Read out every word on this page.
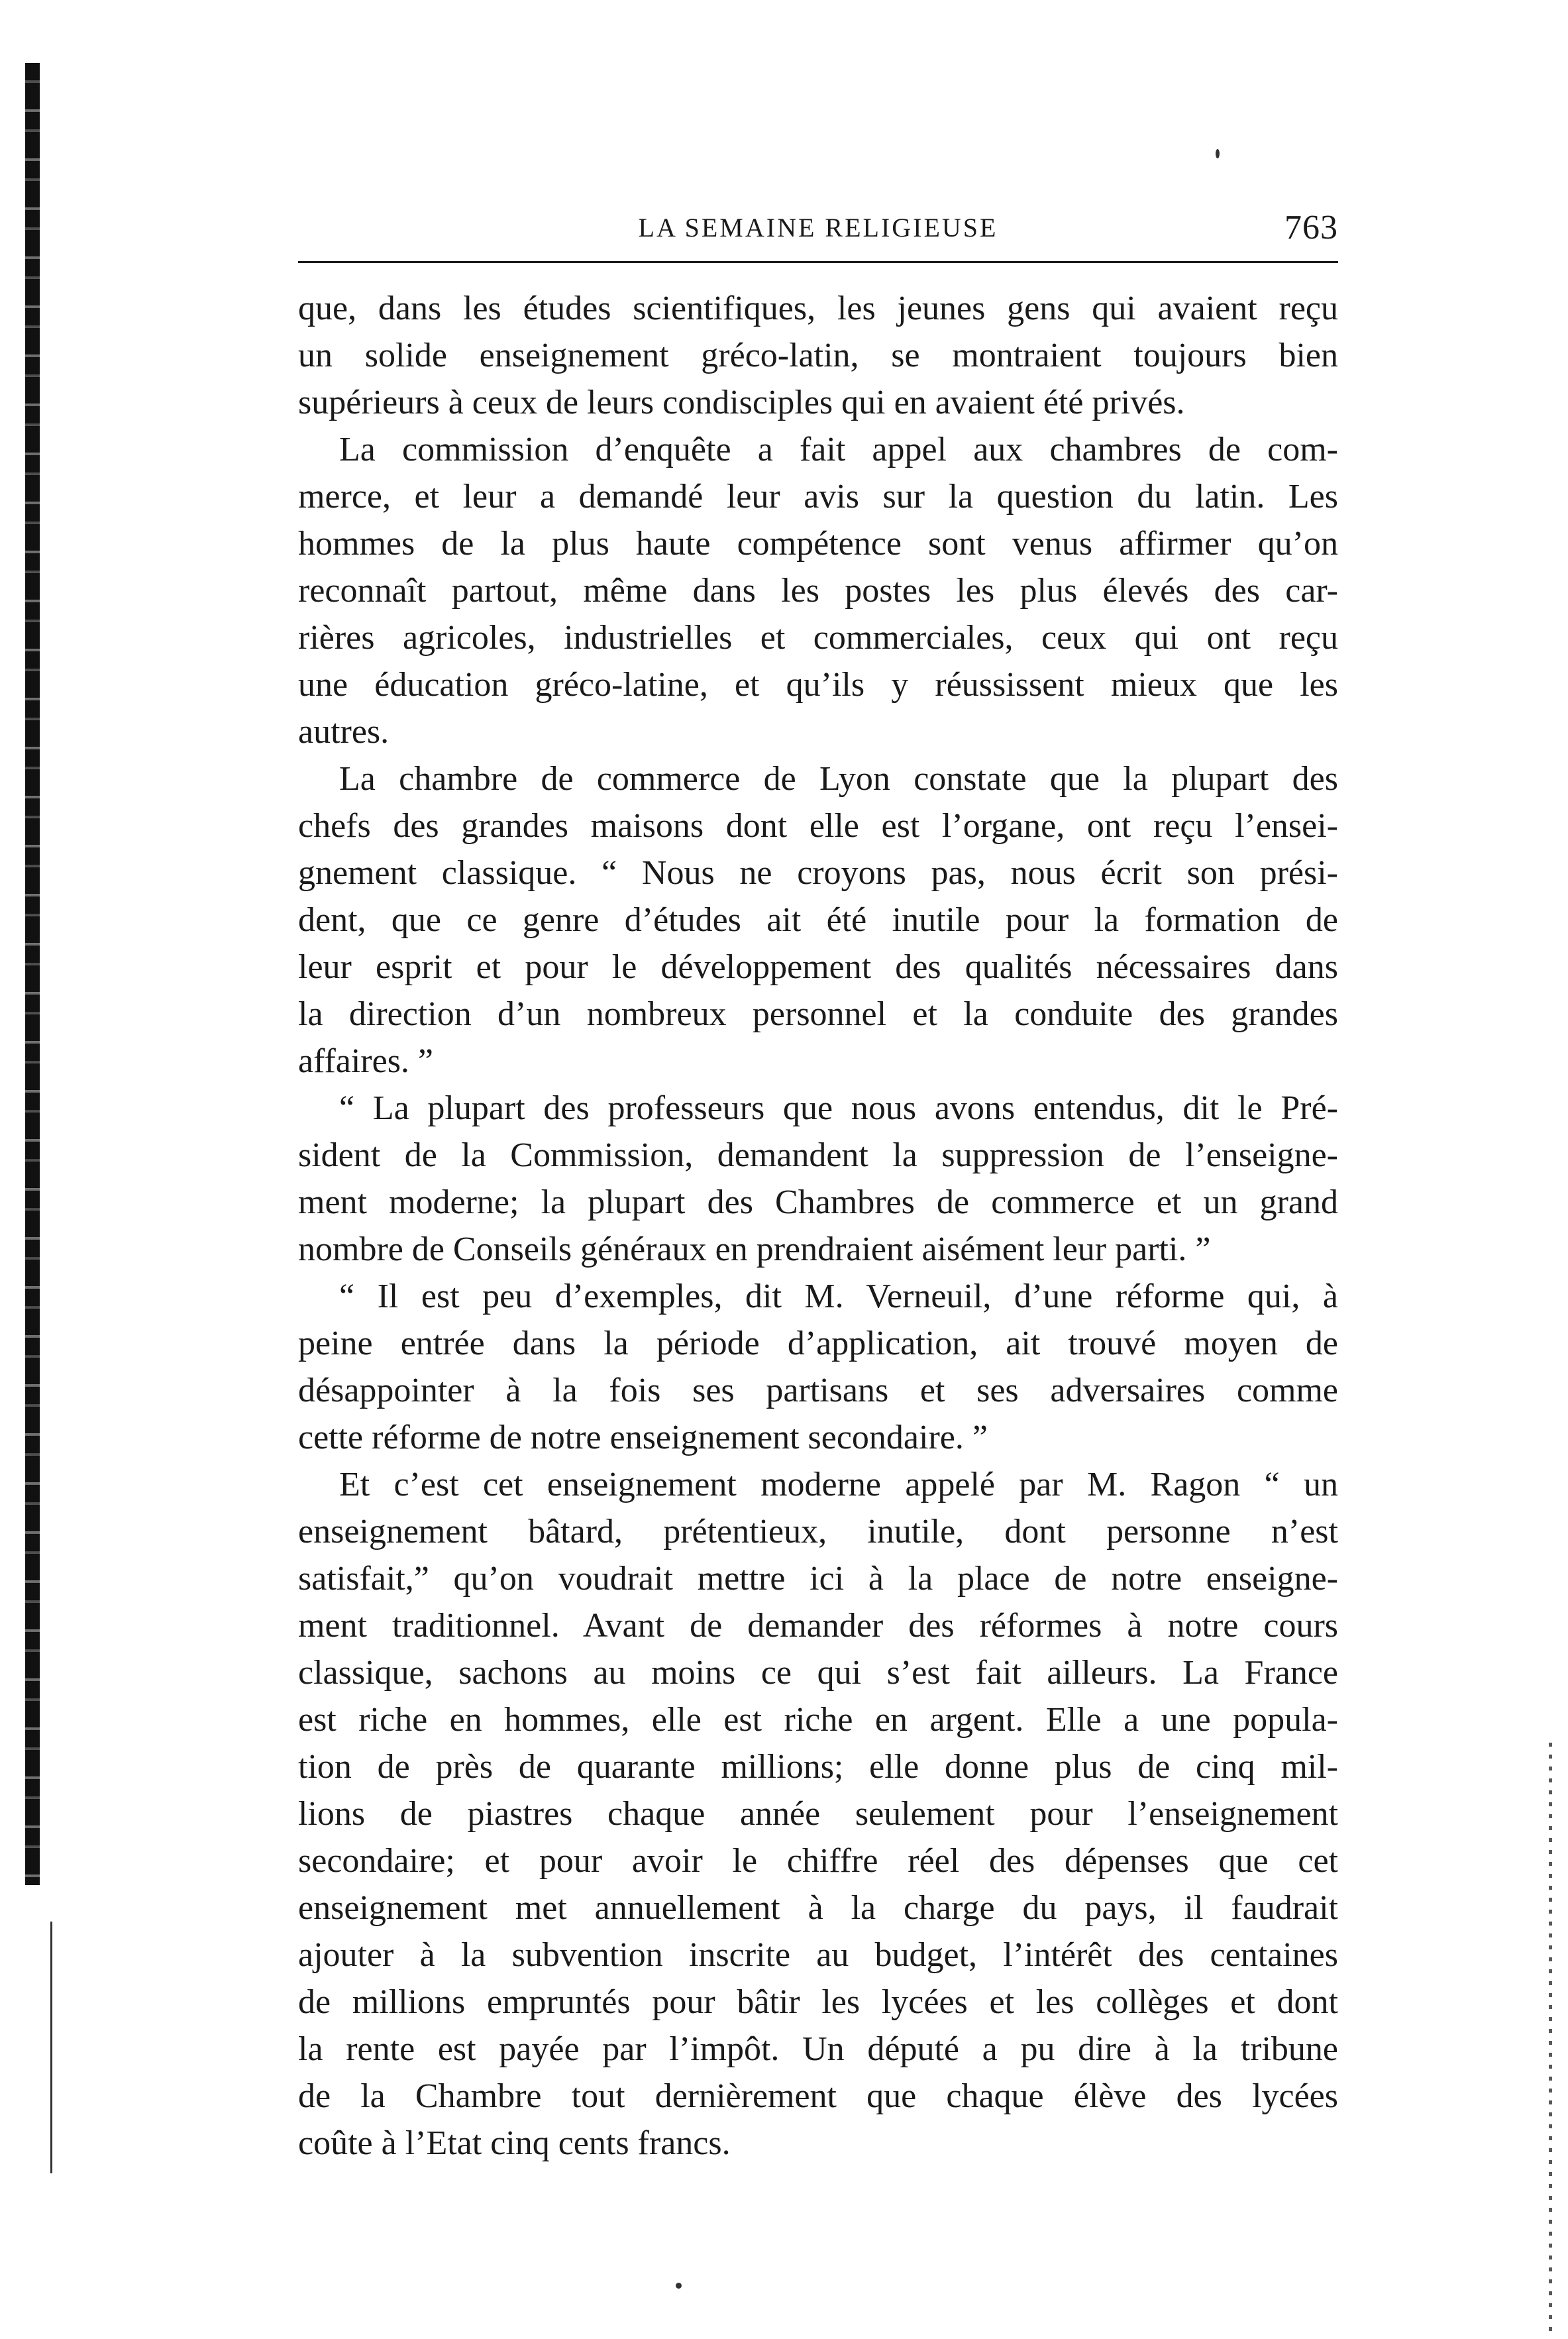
LA SEMAINE RELIGIEUSE	763
que, dans les études scientifiques, les jeunes gens qui avaient reçu
un solide enseignement gréco-latin, se montraient toujours bien
supérieurs à ceux de leurs condisciples qui en avaient été privés.
La commission d’enquête a fait appel aux chambres de com-
merce, et leur a demandé leur avis sur la question du latin. Les
hommes de la plus haute compétence sont venus affirmer qu’on
reconnaît partout, même dans les postes les plus élevés des car-
rières agricoles, industrielles et commerciales, ceux qui ont reçu
une éducation gréco-latine, et qu’ils y réussissent mieux que les
autres.
La chambre de commerce de Lyon constate que la plupart des
chefs des grandes maisons dont elle est l’organe, ont reçu l’ensei-
gnement classique. “ Nous ne croyons pas, nous écrit son prési-
dent, que ce genre d’études ait été inutile pour la formation de
leur esprit et pour le développement des qualités nécessaires dans
la direction d’un nombreux personnel et la conduite des grandes
affaires. ”
“ La plupart des professeurs que nous avons entendus, dit le Pré-
sident de la Commission, demandent la suppression de l’enseigne-
ment moderne; la plupart des Chambres de commerce et un grand
nombre de Conseils généraux en prendraient aisément leur parti. ”
“ Il est peu d’exemples, dit M. Verneuil, d’une réforme qui, à
peine entrée dans la période d’application, ait trouvé moyen de
désappointer à la fois ses partisans et ses adversaires comme
cette réforme de notre enseignement secondaire. ”
Et c’est cet enseignement moderne appelé par M. Ragon “ un
enseignement bâtard, prétentieux, inutile, dont personne n’est
satisfait,” qu’on voudrait mettre ici à la place de notre enseigne-
ment traditionnel. Avant de demander des réformes à notre cours
classique, sachons au moins ce qui s’est fait ailleurs. La France
est riche en hommes, elle est riche en argent. Elle a une popula-
tion de près de quarante millions; elle donne plus de cinq mil-
lions de piastres chaque année seulement pour l’enseignement
secondaire; et pour avoir le chiffre réel des dépenses que cet
enseignement met annuellement à la charge du pays, il faudrait
ajouter à la subvention inscrite au budget, l’intérêt des centaines
de millions empruntés pour bâtir les lycées et les collèges et dont
la rente est payée par l’impôt. Un député a pu dire à la tribune
de la Chambre tout dernièrement que chaque élève des lycées
coûte à l’Etat cinq cents francs.
